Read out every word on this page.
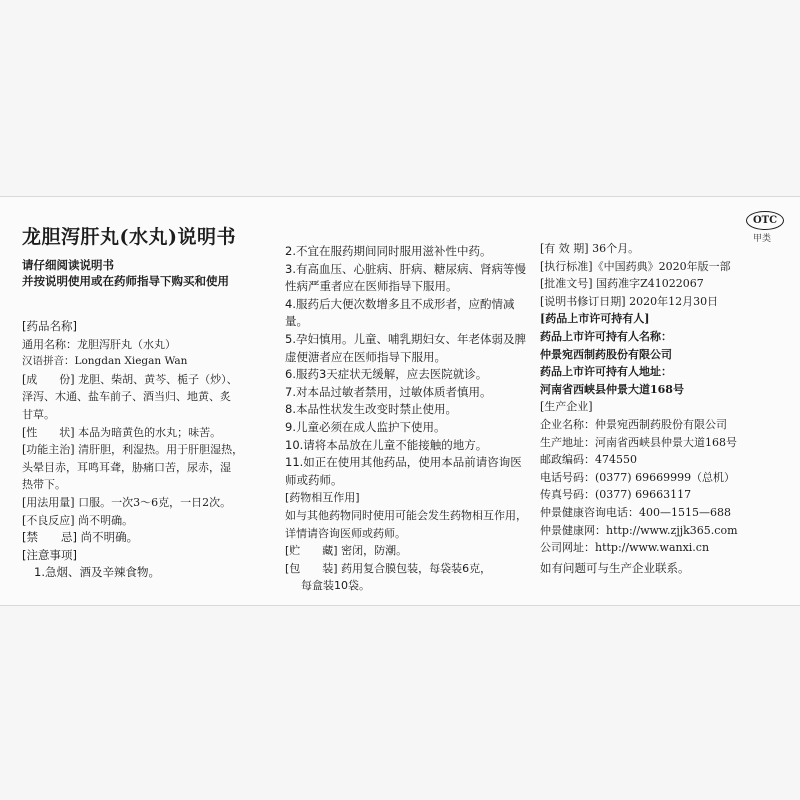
龙胆泻肝丸(水丸)说明书
OTC
甲类
请仔细阅读说明书
并按说明使用或在药师指导下购买和使用
[药品名称]
通用名称：龙胆泻肝丸（水丸）
汉语拼音：Longdan Xiegan Wan
[成　　份] 龙胆、柴胡、黄芩、栀子（炒）、
泽泻、木通、盐车前子、酒当归、地黄、炙
甘草。
[性　　状] 本品为暗黄色的水丸；味苦。
[功能主治] 清肝胆，利湿热。用于肝胆湿热，
头晕目赤，耳鸣耳聋，胁痛口苦，尿赤，湿
热带下。
[用法用量] 口服。一次3～6克，一日2次。
[不良反应] 尚不明确。
[禁　　忌] 尚不明确。
[注意事项]
1.急烟、酒及辛辣食物。
2.不宜在服药期间同时服用滋补性中药。
3.有高血压、心脏病、肝病、糖尿病、肾病等慢性病严重者应在医师指导下服用。
4.服药后大便次数增多且不成形者，应酌情减量。
5.孕妇慎用。儿童、哺乳期妇女、年老体弱及脾虚便溏者应在医师指导下服用。
6.服药3天症状无缓解，应去医院就诊。
7.对本品过敏者禁用，过敏体质者慎用。
8.本品性状发生改变时禁止使用。
9.儿童必须在成人监护下使用。
10.请将本品放在儿童不能接触的地方。
11.如正在使用其他药品，使用本品前请咨询医师或药师。
[药物相互作用]
如与其他药物同时使用可能会发生药物相互作用，详情请咨询医师或药师。
[贮　　藏] 密闭，防潮。
[包　　装] 药用复合膜包装，每袋装6克，
每盒装10袋。
[有 效 期] 36个月。
[执行标准]《中国药典》2020年版一部
[批准文号] 国药准字Z41022067
[说明书修订日期] 2020年12月30日
[药品上市许可持有人]
药品上市许可持有人名称：
仲景宛西制药股份有限公司
药品上市许可持有人地址：
河南省西峡县仲景大道168号
[生产企业]
企业名称：仲景宛西制药股份有限公司
生产地址：河南省西峡县仲景大道168号
邮政编码：474550
电话号码：(0377) 69669999（总机）
传真号码：(0377) 69663117
仲景健康咨询电话：400—1515—688
仲景健康网：http://www.zjjk365.com
公司网址：http://www.wanxi.cn
如有问题可与生产企业联系。
